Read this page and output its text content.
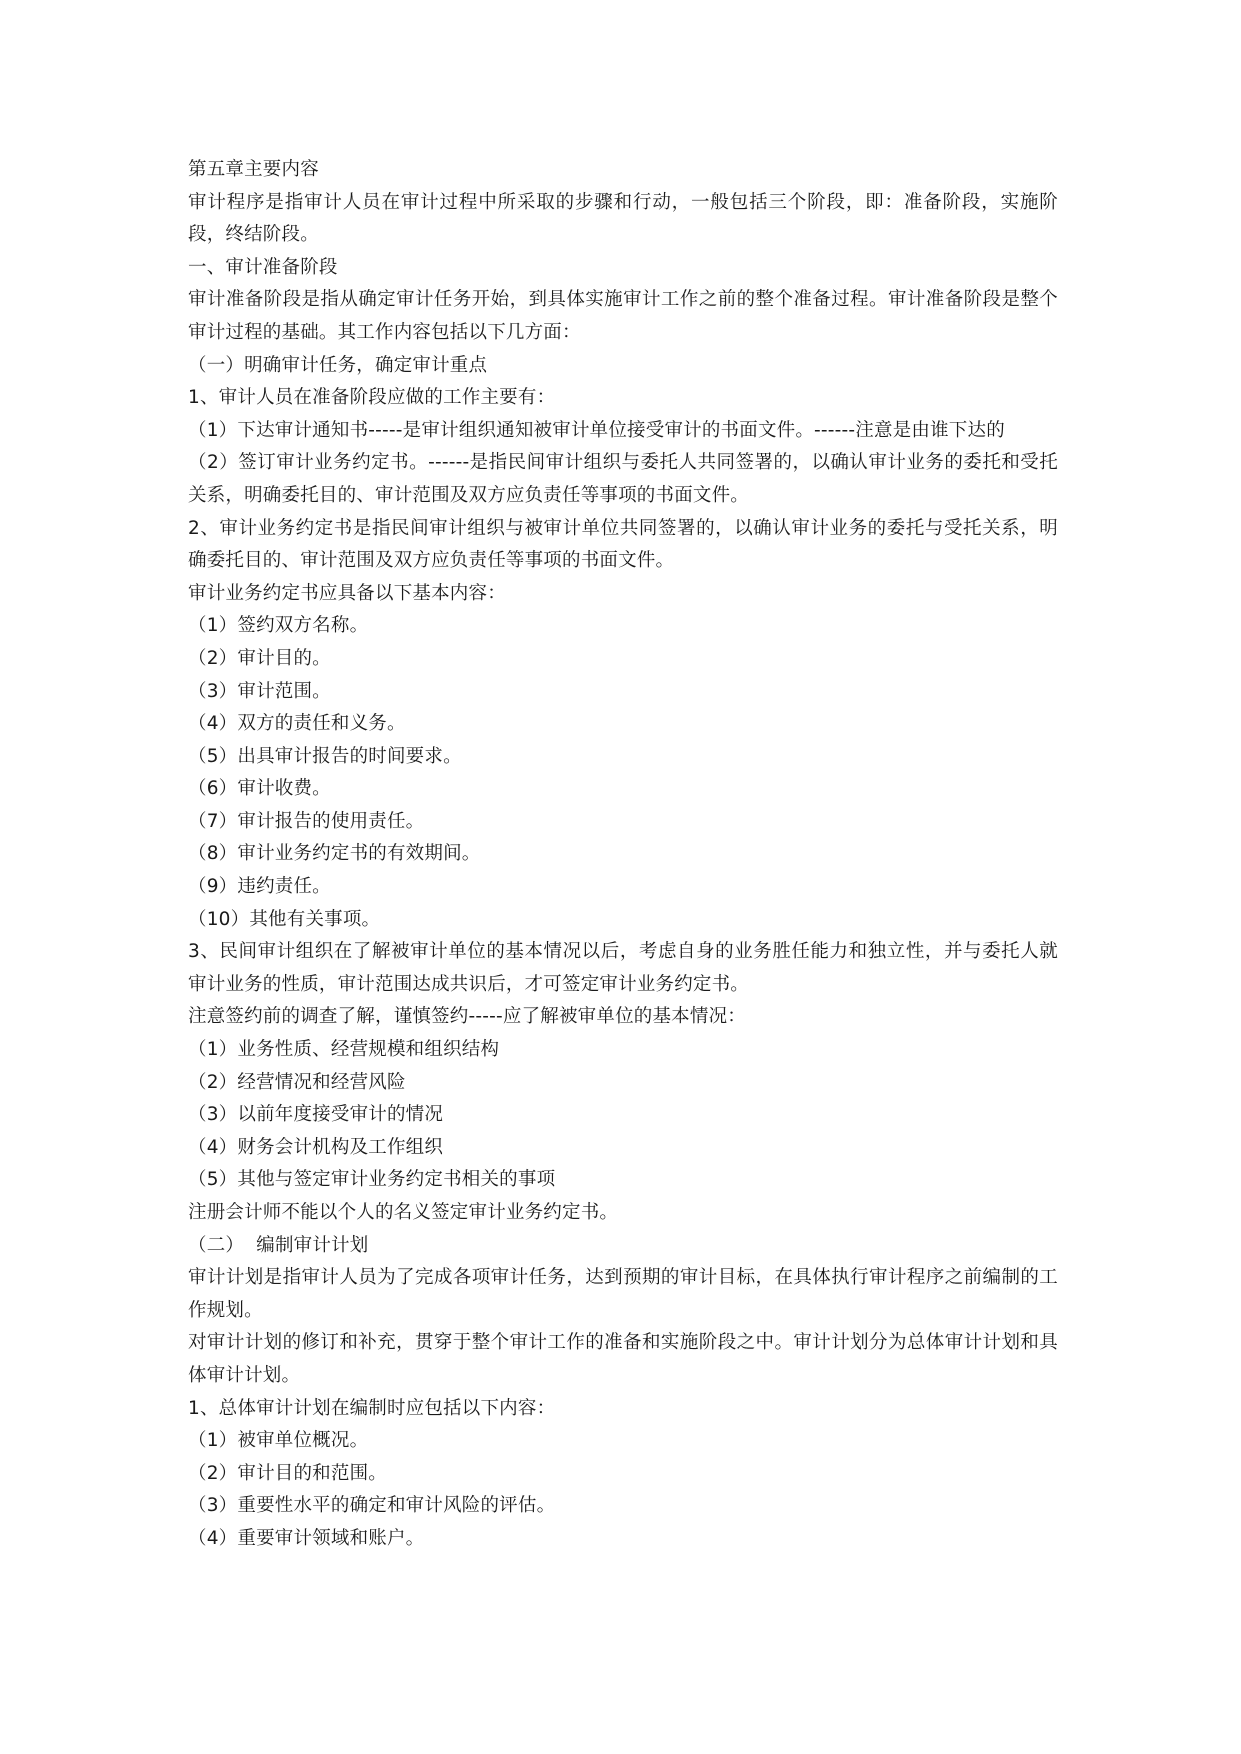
第五章主要内容
审计程序是指审计人员在审计过程中所采取的步骤和行动，一般包括三个阶段，即：准备阶段，实施阶段，终结阶段。
一、审计准备阶段
审计准备阶段是指从确定审计任务开始，到具体实施审计工作之前的整个准备过程。审计准备阶段是整个审计过程的基础。其工作内容包括以下几方面：
（一）明确审计任务，确定审计重点
1、审计人员在准备阶段应做的工作主要有：
（1）下达审计通知书-----是审计组织通知被审计单位接受审计的书面文件。------注意是由谁下达的
（2）签订审计业务约定书。------是指民间审计组织与委托人共同签署的，以确认审计业务的委托和受托关系，明确委托目的、审计范围及双方应负责任等事项的书面文件。
2、审计业务约定书是指民间审计组织与被审计单位共同签署的，以确认审计业务的委托与受托关系，明确委托目的、审计范围及双方应负责任等事项的书面文件。
审计业务约定书应具备以下基本内容：
（1）签约双方名称。
（2）审计目的。
（3）审计范围。
（4）双方的责任和义务。
（5）出具审计报告的时间要求。
（6）审计收费。
（7）审计报告的使用责任。
（8）审计业务约定书的有效期间。
（9）违约责任。
（10）其他有关事项。
3、民间审计组织在了解被审计单位的基本情况以后，考虑自身的业务胜任能力和独立性，并与委托人就审计业务的性质，审计范围达成共识后，才可签定审计业务约定书。
注意签约前的调查了解，谨慎签约-----应了解被审单位的基本情况：
（1）业务性质、经营规模和组织结构
（2）经营情况和经营风险
（3）以前年度接受审计的情况
（4）财务会计机构及工作组织
（5）其他与签定审计业务约定书相关的事项
注册会计师不能以个人的名义签定审计业务约定书。
（二）  编制审计计划
审计计划是指审计人员为了完成各项审计任务，达到预期的审计目标，在具体执行审计程序之前编制的工作规划。
对审计计划的修订和补充，贯穿于整个审计工作的准备和实施阶段之中。审计计划分为总体审计计划和具体审计计划。
1、总体审计计划在编制时应包括以下内容：
（1）被审单位概况。
（2）审计目的和范围。
（3）重要性水平的确定和审计风险的评估。
（4）重要审计领域和账户。
